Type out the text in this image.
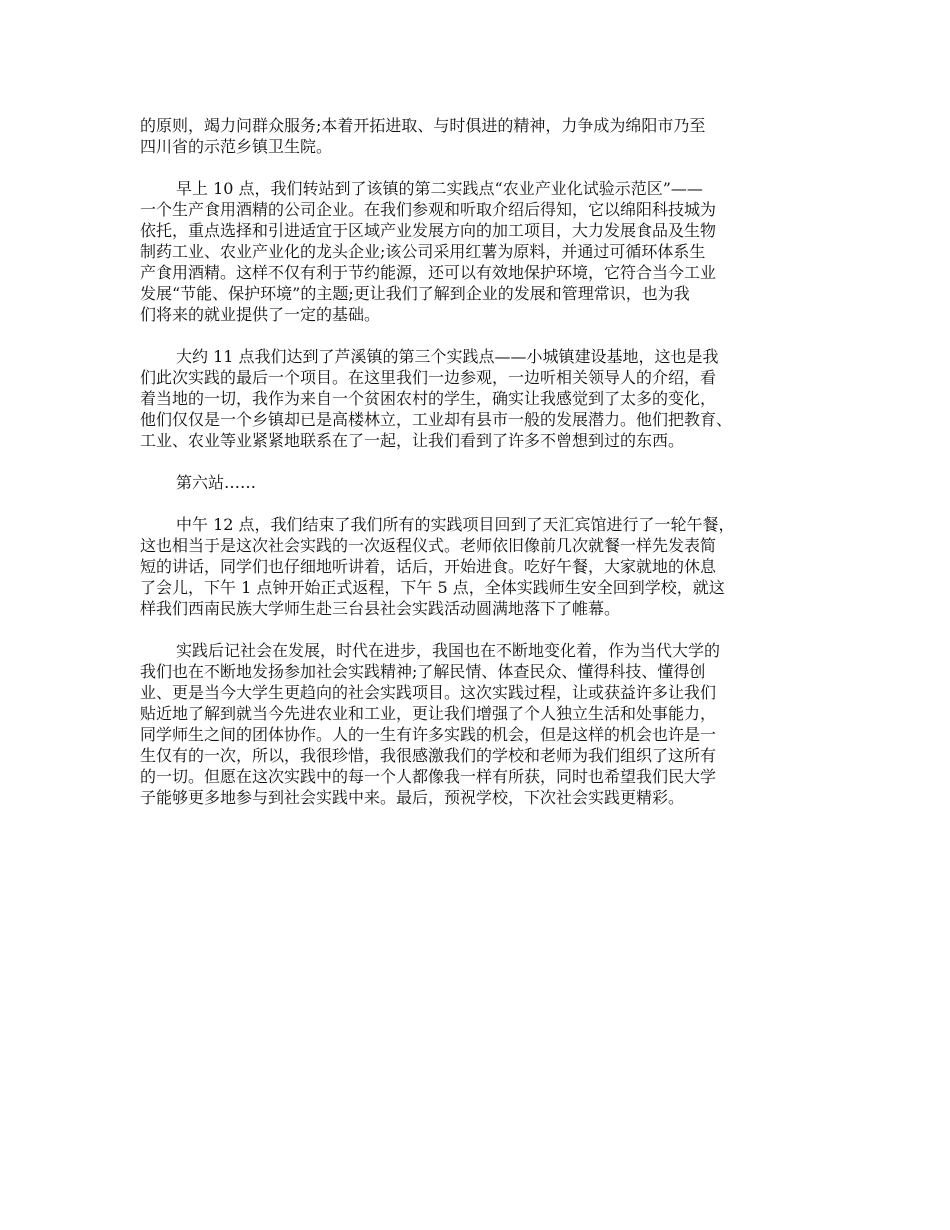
的原则，竭力问群众服务;本着开拓进取、与时俱进的精神，力争成为绵阳市乃至
四川省的示范乡镇卫生院。
早上 10 点，我们转站到了该镇的第二实践点“农业产业化试验示范区”——
一个生产食用酒精的公司企业。在我们参观和听取介绍后得知，它以绵阳科技城为
依托，重点选择和引进适宜于区域产业发展方向的加工项目，大力发展食品及生物
制药工业、农业产业化的龙头企业;该公司采用红薯为原料，并通过可循环体系生
产食用酒精。这样不仅有利于节约能源，还可以有效地保护环境，它符合当今工业
发展“节能、保护环境”的主题;更让我们了解到企业的发展和管理常识，也为我
们将来的就业提供了一定的基础。
大约 11 点我们达到了芦溪镇的第三个实践点——小城镇建设基地，这也是我
们此次实践的最后一个项目。在这里我们一边参观，一边听相关领导人的介绍，看
着当地的一切，我作为来自一个贫困农村的学生，确实让我感觉到了太多的变化，
他们仅仅是一个乡镇却已是高楼林立，工业却有县市一般的发展潜力。他们把教育、
工业、农业等业紧紧地联系在了一起，让我们看到了许多不曾想到过的东西。
第六站……
中午 12 点，我们结束了我们所有的实践项目回到了天汇宾馆进行了一轮午餐，
这也相当于是这次社会实践的一次返程仪式。老师依旧像前几次就餐一样先发表简
短的讲话，同学们也仔细地听讲着，话后，开始进食。吃好午餐，大家就地的休息
了会儿，下午 1 点钟开始正式返程，下午 5 点，全体实践师生安全回到学校，就这
样我们西南民族大学师生赴三台县社会实践活动圆满地落下了帷幕。
实践后记社会在发展，时代在进步，我国也在不断地变化着，作为当代大学的
我们也在不断地发扬参加社会实践精神;了解民情、体查民众、懂得科技、懂得创
业、更是当今大学生更趋向的社会实践项目。这次实践过程，让或获益许多让我们
贴近地了解到就当今先进农业和工业，更让我们增强了个人独立生活和处事能力，
同学师生之间的团体协作。人的一生有许多实践的机会，但是这样的机会也许是一
生仅有的一次，所以，我很珍惜，我很感激我们的学校和老师为我们组织了这所有
的一切。但愿在这次实践中的每一个人都像我一样有所获，同时也希望我们民大学
子能够更多地参与到社会实践中来。最后，预祝学校，下次社会实践更精彩。
